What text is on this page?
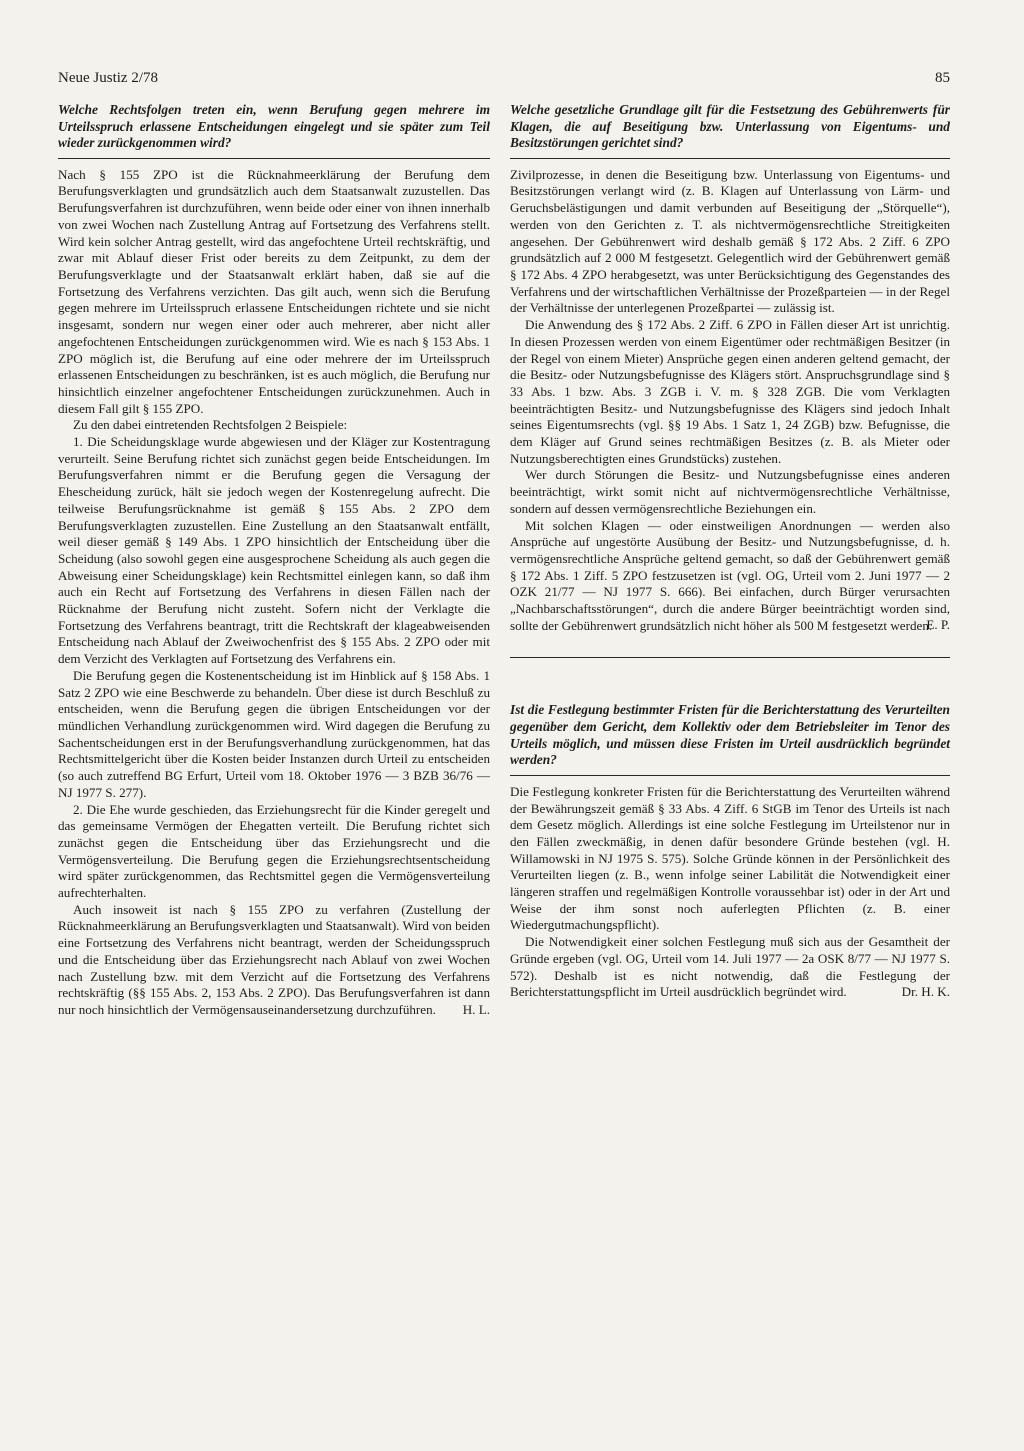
Neue Justiz 2/78	85

Welche Rechtsfolgen treten ein, wenn Berufung gegen mehrere im Urteilsspruch erlassene Entscheidungen eingelegt und sie später zum Teil wieder zurückgenommen wird?

Nach § 155 ZPO ist die Rücknahmeerklärung der Berufung dem Berufungsverklagten und grundsätzlich auch dem Staatsanwalt zuzustellen. Das Berufungsverfahren ist durchzuführen, wenn beide oder einer von ihnen innerhalb von zwei Wochen nach Zustellung Antrag auf Fortsetzung des Verfahrens stellt. Wird kein solcher Antrag gestellt, wird das angefochtene Urteil rechtskräftig, und zwar mit Ablauf dieser Frist oder bereits zu dem Zeitpunkt, zu dem der Berufungsverklagte und der Staatsanwalt erklärt haben, daß sie auf die Fortsetzung des Verfahrens verzichten. Das gilt auch, wenn sich die Berufung gegen mehrere im Urteilsspruch erlassene Entscheidungen richtete und sie nicht insgesamt, sondern nur wegen einer oder auch mehrerer, aber nicht aller angefochtenen Entscheidungen zurückgenommen wird. Wie es nach § 153 Abs. 1 ZPO möglich ist, die Berufung auf eine oder mehrere der im Urteilsspruch erlassenen Entscheidungen zu beschränken, ist es auch möglich, die Berufung nur hinsichtlich einzelner angefochtener Entscheidungen zurückzunehmen. Auch in diesem Fall gilt § 155 ZPO.

Zu den dabei eintretenden Rechtsfolgen 2 Beispiele:

1. Die Scheidungsklage wurde abgewiesen und der Kläger zur Kostentragung verurteilt. Seine Berufung richtet sich zunächst gegen beide Entscheidungen. Im Berufungsverfahren nimmt er die Berufung gegen die Versagung der Ehescheidung zurück, hält sie jedoch wegen der Kostenregelung aufrecht. Die teilweise Berufungsrücknahme ist gemäß § 155 Abs. 2 ZPO dem Berufungsverklagten zuzustellen. Eine Zustellung an den Staatsanwalt entfällt, weil dieser gemäß § 149 Abs. 1 ZPO hinsichtlich der Entscheidung über die Scheidung (also sowohl gegen eine ausgesprochene Scheidung als auch gegen die Abweisung einer Scheidungsklage) kein Rechtsmittel einlegen kann, so daß ihm auch ein Recht auf Fortsetzung des Verfahrens in diesen Fällen nach der Rücknahme der Berufung nicht zusteht. Sofern nicht der Verklagte die Fortsetzung des Verfahrens beantragt, tritt die Rechtskraft der klageabweisenden Entscheidung nach Ablauf der Zweiwochenfrist des § 155 Abs. 2 ZPO oder mit dem Verzicht des Verklagten auf Fortsetzung des Verfahrens ein.

Die Berufung gegen die Kostenentscheidung ist im Hinblick auf § 158 Abs. 1 Satz 2 ZPO wie eine Beschwerde zu behandeln. Über diese ist durch Beschluß zu entscheiden, wenn die Berufung gegen die übrigen Entscheidungen vor der mündlichen Verhandlung zurückgenommen wird. Wird dagegen die Berufung zu Sachentscheidungen erst in der Berufungsverhandlung zurückgenommen, hat das Rechtsmittelgericht über die Kosten beider Instanzen durch Urteil zu entscheiden (so auch zutreffend BG Erfurt, Urteil vom 18. Oktober 1976 — 3 BZB 36/76 — NJ 1977 S. 277).

2. Die Ehe wurde geschieden, das Erziehungsrecht für die Kinder geregelt und das gemeinsame Vermögen der Ehegatten verteilt. Die Berufung richtet sich zunächst gegen die Entscheidung über das Erziehungsrecht und die Vermögensverteilung. Die Berufung gegen die Erziehungsrechtsentscheidung wird später zurückgenommen, das Rechtsmittel gegen die Vermögensverteilung aufrechterhalten.

Auch insoweit ist nach § 155 ZPO zu verfahren (Zustellung der Rücknahmeerklärung an Berufungsverklagten und Staatsanwalt). Wird von beiden eine Fortsetzung des Verfahrens nicht beantragt, werden der Scheidungsspruch und die Entscheidung über das Erziehungsrecht nach Ablauf von zwei Wochen nach Zustellung bzw. mit dem Verzicht auf die Fortsetzung des Verfahrens rechtskräftig (§§ 155 Abs. 2, 153 Abs. 2 ZPO). Das Berufungsverfahren ist dann nur noch hinsichtlich der Vermögensauseinandersetzung durchzuführen.	H. L.

Welche gesetzliche Grundlage gilt für die Festsetzung des Gebührenwerts für Klagen, die auf Beseitigung bzw. Unterlassung von Eigentums- und Besitzstörungen gerichtet sind?

Zivilprozesse, in denen die Beseitigung bzw. Unterlassung von Eigentums- und Besitzstörungen verlangt wird (z. B. Klagen auf Unterlassung von Lärm- und Geruchsbelästigungen und damit verbunden auf Beseitigung der „Störquelle“), werden von den Gerichten z. T. als nichtvermögensrechtliche Streitigkeiten angesehen. Der Gebührenwert wird deshalb gemäß § 172 Abs. 2 Ziff. 6 ZPO grundsätzlich auf 2 000 M festgesetzt. Gelegentlich wird der Gebührenwert gemäß § 172 Abs. 4 ZPO herabgesetzt, was unter Berücksichtigung des Gegenstandes des Verfahrens und der wirtschaftlichen Verhältnisse der Prozeßparteien — in der Regel der Verhältnisse der unterlegenen Prozeßpartei — zulässig ist.

Die Anwendung des § 172 Abs. 2 Ziff. 6 ZPO in Fällen dieser Art ist unrichtig. In diesen Prozessen werden von einem Eigentümer oder rechtmäßigen Besitzer (in der Regel von einem Mieter) Ansprüche gegen einen anderen geltend gemacht, der die Besitz- oder Nutzungsbefugnisse des Klägers stört. Anspruchsgrundlage sind § 33 Abs. 1 bzw. Abs. 3 ZGB i. V. m. § 328 ZGB. Die vom Verklagten beeinträchtigten Besitz- und Nutzungsbefugnisse des Klägers sind jedoch Inhalt seines Eigentumsrechts (vgl. §§ 19 Abs. 1 Satz 1, 24 ZGB) bzw. Befugnisse, die dem Kläger auf Grund seines rechtmäßigen Besitzes (z. B. als Mieter oder Nutzungsberechtigten eines Grundstücks) zustehen.

Wer durch Störungen die Besitz- und Nutzungsbefugnisse eines anderen beeinträchtigt, wirkt somit nicht auf nichtvermögensrechtliche Verhältnisse, sondern auf dessen vermögensrechtliche Beziehungen ein.

Mit solchen Klagen — oder einstweiligen Anordnungen — werden also Ansprüche auf ungestörte Ausübung der Besitz- und Nutzungsbefugnisse, d. h. vermögensrechtliche Ansprüche geltend gemacht, so daß der Gebührenwert gemäß § 172 Abs. 1 Ziff. 5 ZPO festzusetzen ist (vgl. OG, Urteil vom 2. Juni 1977 — 2 OZK 21/77 — NJ 1977 S. 666). Bei einfachen, durch Bürger verursachten „Nachbarschaftsstörungen“, durch die andere Bürger beeinträchtigt worden sind, sollte der Gebührenwert grundsätzlich nicht höher als 500 M festgesetzt werden.

E. P.

Ist die Festlegung bestimmter Fristen für die Berichterstattung des Verurteilten gegenüber dem Gericht, dem Kollektiv oder dem Betriebsleiter im Tenor des Urteils möglich, und müssen diese Fristen im Urteil ausdrücklich begründet werden?

Die Festlegung konkreter Fristen für die Berichterstattung des Verurteilten während der Bewährungszeit gemäß § 33 Abs. 4 Ziff. 6 StGB im Tenor des Urteils ist nach dem Gesetz möglich. Allerdings ist eine solche Festlegung im Urteilstenor nur in den Fällen zweckmäßig, in denen dafür besondere Gründe bestehen (vgl. H. Willamowski in NJ 1975 S. 575). Solche Gründe können in der Persönlichkeit des Verurteilten liegen (z. B., wenn infolge seiner Labilität die Notwendigkeit einer längeren straffen und regelmäßigen Kontrolle voraussehbar ist) oder in der Art und Weise der ihm sonst noch auferlegten Pflichten (z. B. einer Wiedergutmachungspflicht).

Die Notwendigkeit einer solchen Festlegung muß sich aus der Gesamtheit der Gründe ergeben (vgl. OG, Urteil vom 14. Juli 1977 — 2a OSK 8/77 — NJ 1977 S. 572). Deshalb ist es nicht notwendig, daß die Festlegung der Berichterstattungspflicht im Urteil ausdrücklich begründet wird.	Dr. H. K.
